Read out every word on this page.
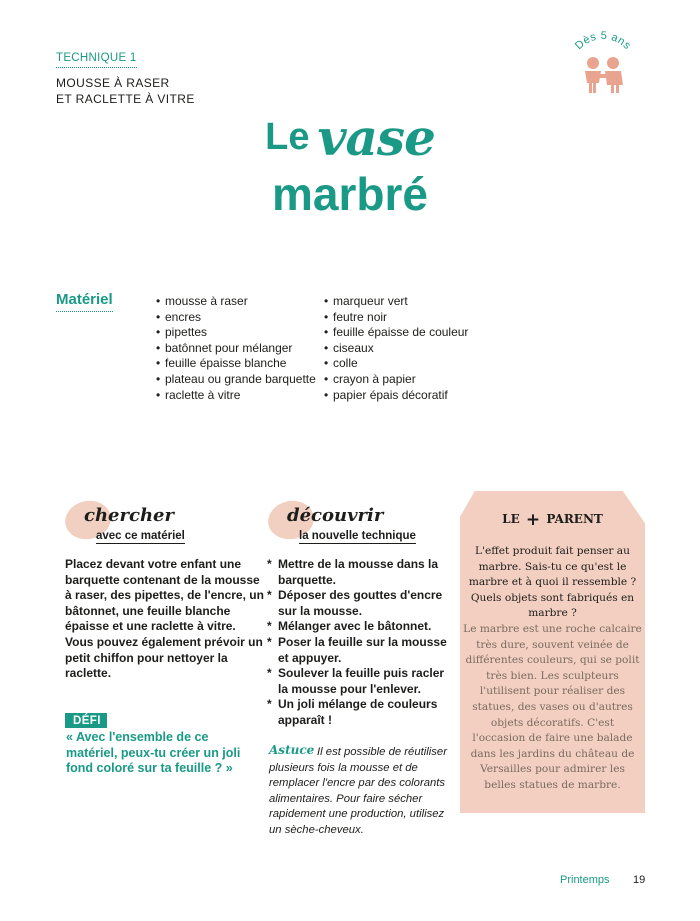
TECHNIQUE 1
MOUSSE À RASER
ET RACLETTE À VITRE
Dès 5 ans
Le vase
marbré
Matériel
•	mousse à raser
• encres
• pipettes
• batônnet pour mélanger
• feuille épaisse blanche
• plateau ou grande barquette
• raclette à vitre
• marqueur vert
• feutre noir
• feuille épaisse de couleur
• ciseaux
• colle
• crayon à papier
• papier épais décoratif
chercher
avec ce matériel
Placez devant votre enfant une barquette contenant de la mousse à raser, des pipettes, de l'encre, un bâtonnet, une feuille blanche épaisse et une raclette à vitre. Vous pouvez également prévoir un petit chiffon pour nettoyer la raclette.
DÉFI
« Avec l'ensemble de ce matériel, peux-tu créer un joli fond coloré sur ta feuille ? »
découvrir
la nouvelle technique
* Mettre de la mousse dans la barquette.
* Déposer des gouttes d'encre sur la mousse.
* Mélanger avec le bâtonnet.
* Poser la feuille sur la mousse et appuyer.
* Soulever la feuille puis racler la mousse pour l'enlever.
* Un joli mélange de couleurs apparaît !
Astuce Il est possible de réutiliser plusieurs fois la mousse et de remplacer l'encre par des colorants alimentaires. Pour faire sécher rapidement une production, utilisez un sèche-cheveux.
LE + PARENT
L'effet produit fait penser au marbre. Sais-tu ce qu'est le marbre et à quoi il ressemble ? Quels objets sont fabriqués en marbre ?
Le marbre est une roche calcaire très dure, souvent veinée de différentes couleurs, qui se polit très bien. Les sculpteurs l'utilisent pour réaliser des statues, des vases ou d'autres objets décoratifs. C'est l'occasion de faire une balade dans les jardins du château de Versailles pour admirer les belles statues de marbre.
Printemps 19
